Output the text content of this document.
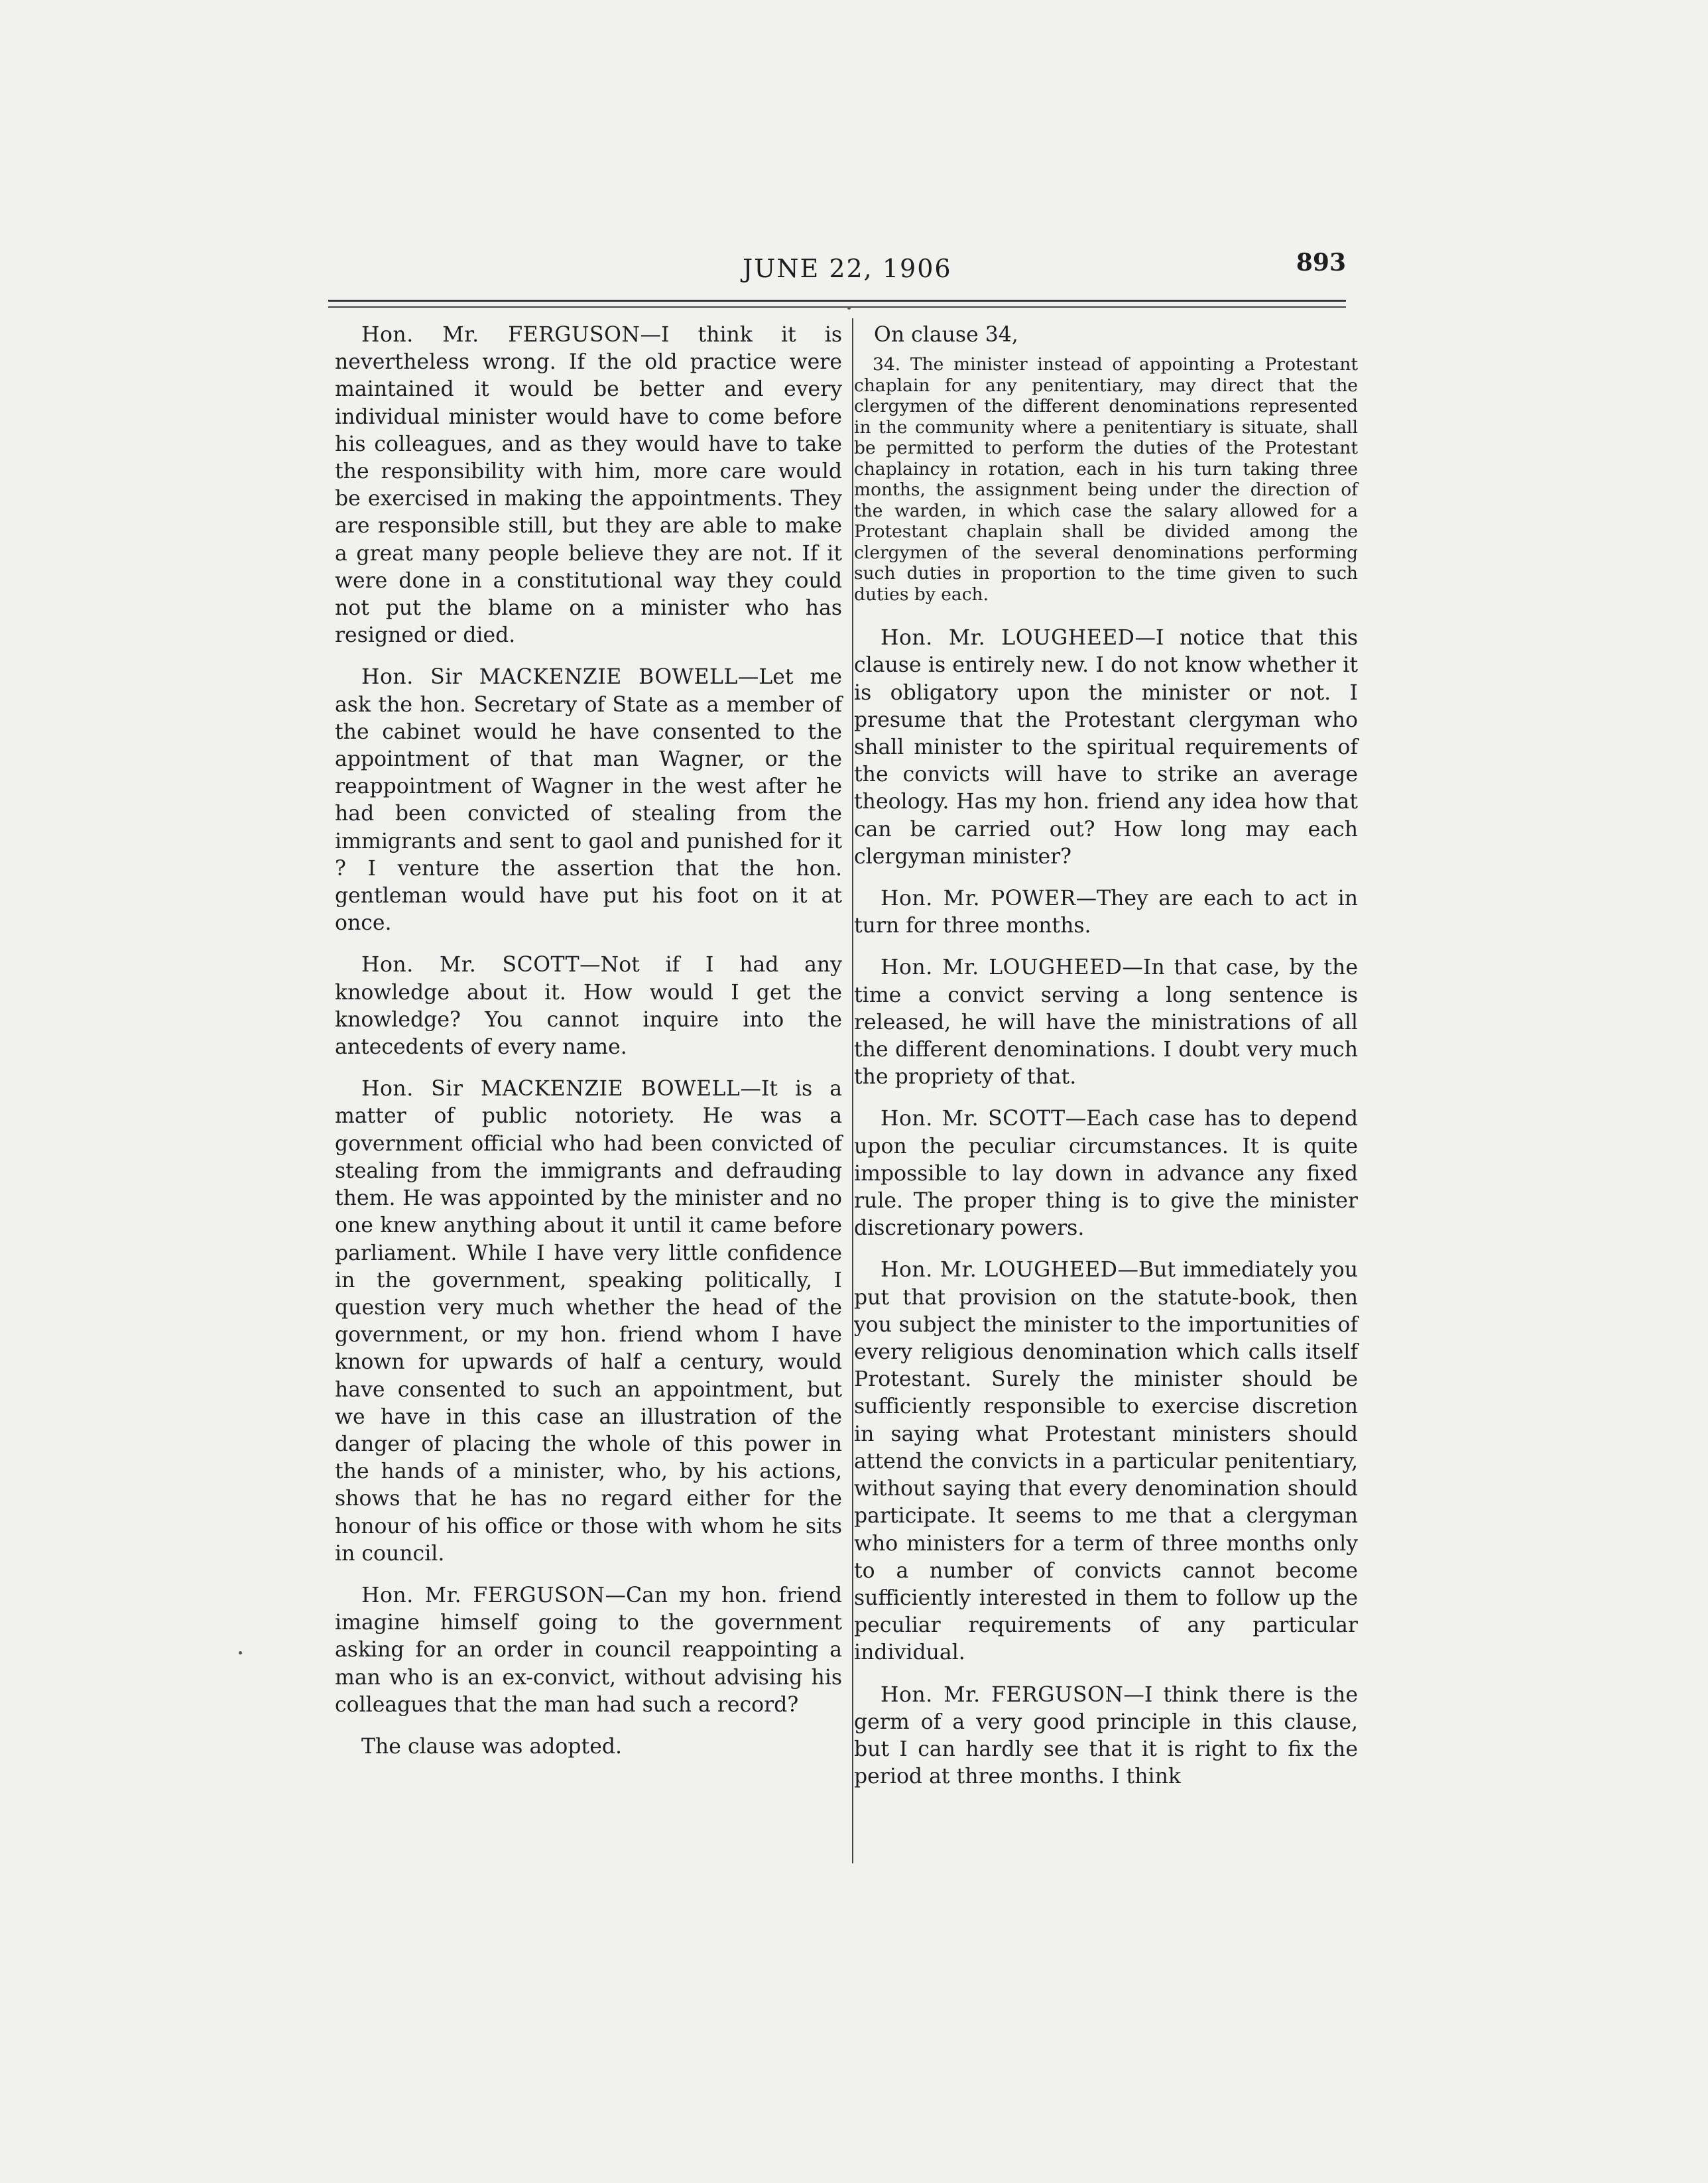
JUNE 22, 1906	893

Hon. Mr. FERGUSON—I think it is nevertheless wrong. If the old practice were maintained it would be better and every individual minister would have to come before his colleagues, and as they would have to take the responsibility with him, more care would be exercised in making the appointments. They are responsible still, but they are able to make a great many people believe they are not. If it were done in a constitutional way they could not put the blame on a minister who has resigned or died.

Hon. Sir MACKENZIE BOWELL—Let me ask the hon. Secretary of State as a member of the cabinet would he have consented to the appointment of that man Wagner, or the reappointment of Wagner in the west after he had been convicted of stealing from the immigrants and sent to gaol and punished for it ? I venture the assertion that the hon. gentleman would have put his foot on it at once.

Hon. Mr. SCOTT—Not if I had any knowledge about it. How would I get the knowledge? You cannot inquire into the antecedents of every name.

Hon. Sir MACKENZIE BOWELL—It is a matter of public notoriety. He was a government official who had been convicted of stealing from the immigrants and defrauding them. He was appointed by the minister and no one knew anything about it until it came before parliament. While I have very little confidence in the government, speaking politically, I question very much whether the head of the government, or my hon. friend whom I have known for upwards of half a century, would have consented to such an appointment, but we have in this case an illustration of the danger of placing the whole of this power in the hands of a minister, who, by his actions, shows that he has no regard either for the honour of his office or those with whom he sits in council.

Hon. Mr. FERGUSON—Can my hon. friend imagine himself going to the government asking for an order in council reappointing a man who is an ex-convict, without advising his colleagues that the man had such a record?

The clause was adopted.

On clause 34,

34. The minister instead of appointing a Protestant chaplain for any penitentiary, may direct that the clergymen of the different denominations represented in the community where a penitentiary is situate, shall be permitted to perform the duties of the Protestant chaplaincy in rotation, each in his turn taking three months, the assignment being under the direction of the warden, in which case the salary allowed for a Protestant chaplain shall be divided among the clergymen of the several denominations performing such duties in proportion to the time given to such duties by each.

Hon. Mr. LOUGHEED—I notice that this clause is entirely new. I do not know whether it is obligatory upon the minister or not. I presume that the Protestant clergyman who shall minister to the spiritual requirements of the convicts will have to strike an average theology. Has my hon. friend any idea how that can be carried out? How long may each clergyman minister?

Hon. Mr. POWER—They are each to act in turn for three months.

Hon. Mr. LOUGHEED—In that case, by the time a convict serving a long sentence is released, he will have the ministrations of all the different denominations. I doubt very much the propriety of that.

Hon. Mr. SCOTT—Each case has to depend upon the peculiar circumstances. It is quite impossible to lay down in advance any fixed rule. The proper thing is to give the minister discretionary powers.

Hon. Mr. LOUGHEED—But immediately you put that provision on the statute-book, then you subject the minister to the importunities of every religious denomination which calls itself Protestant. Surely the minister should be sufficiently responsible to exercise discretion in saying what Protestant ministers should attend the convicts in a particular penitentiary, without saying that every denomination should participate. It seems to me that a clergyman who ministers for a term of three months only to a number of convicts cannot become sufficiently interested in them to follow up the peculiar requirements of any particular individual.

Hon. Mr. FERGUSON—I think there is the germ of a very good principle in this clause, but I can hardly see that it is right to fix the period at three months. I think
